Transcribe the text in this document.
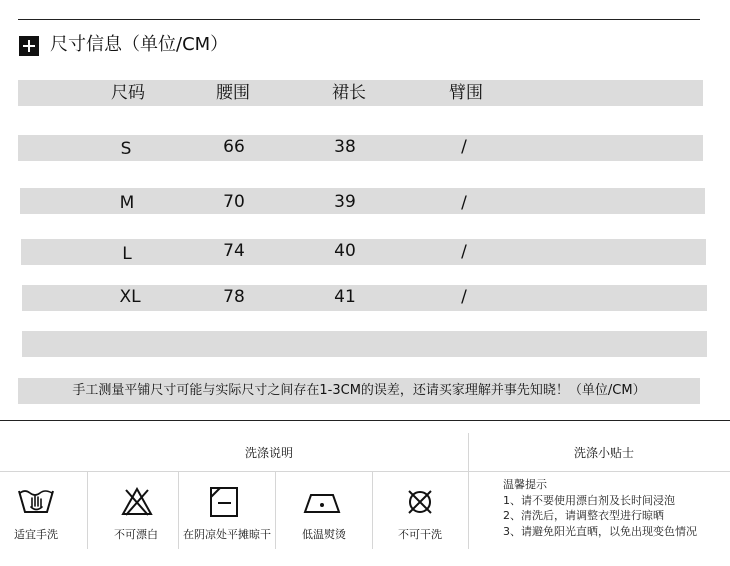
尺寸信息（单位/CM）
尺码	腰围	裙长	臂围
S	66	38	/
M	70	39	/
L	74	40	/
XL	78	41	/
手工测量平铺尺寸可能与实际尺寸之间存在1-3CM的误差，还请买家理解并事先知晓！（单位/CM）
洗涤说明	洗涤小贴士
适宜手洗	不可漂白	在阴凉处平摊晾干	低温熨烫	不可干洗
温馨提示
1、请不要使用漂白剂及长时间浸泡
2、清洗后，请调整衣型进行晾晒
3、请避免阳光直晒，以免出现变色情况
